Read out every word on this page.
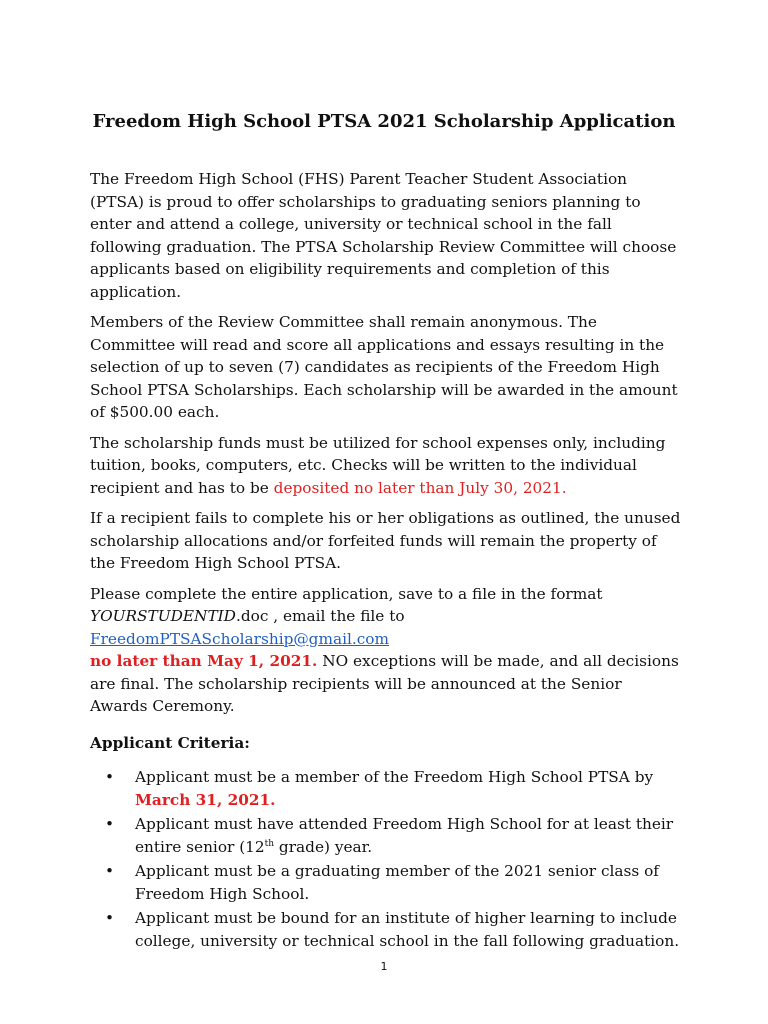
Freedom High School PTSA 2021 Scholarship Application

The Freedom High School (FHS) Parent Teacher Student Association (PTSA) is proud to offer scholarships to graduating seniors planning to enter and attend a college, university or technical school in the fall following graduation. The PTSA Scholarship Review Committee will choose applicants based on eligibility requirements and completion of this application.

Members of the Review Committee shall remain anonymous. The Committee will read and score all applications and essays resulting in the selection of up to seven (7) candidates as recipients of the Freedom High School PTSA Scholarships. Each scholarship will be awarded in the amount of $500.00 each.

The scholarship funds must be utilized for school expenses only, including tuition, books, computers, etc. Checks will be written to the individual recipient and has to be deposited no later than July 30, 2021.

If a recipient fails to complete his or her obligations as outlined, the unused scholarship allocations and/or forfeited funds will remain the property of the Freedom High School PTSA.

Please complete the entire application, save to a file in the format YOURSTUDENTID.doc , email the file to FreedomPTSAScholarship@gmail.com
no later than May 1, 2021. NO exceptions will be made, and all decisions are final. The scholarship recipients will be announced at the Senior Awards Ceremony.

Applicant Criteria:

• Applicant must be a member of the Freedom High School PTSA by
March 31, 2021.
• Applicant must have attended Freedom High School for at least their entire senior (12th grade) year.
• Applicant must be a graduating member of the 2021 senior class of Freedom High School.
• Applicant must be bound for an institute of higher learning to include college, university or technical school in the fall following graduation.
1
